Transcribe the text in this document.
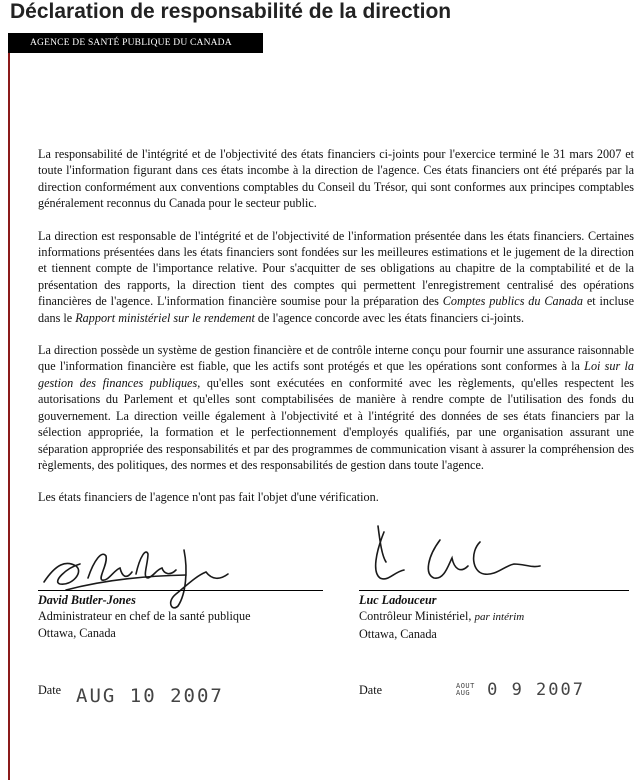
Déclaration de responsabilité de la direction
AGENCE DE SANTÉ PUBLIQUE DU CANADA

La responsabilité de l'intégrité et de l'objectivité des états financiers ci-joints pour l'exercice terminé le 31 mars 2007 et toute l'information figurant dans ces états incombe à la direction de l'agence. Ces états financiers ont été préparés par la direction conformément aux conventions comptables du Conseil du Trésor, qui sont conformes aux principes comptables généralement reconnus du Canada pour le secteur public.

La direction est responsable de l'intégrité et de l'objectivité de l'information présentée dans les états financiers. Certaines informations présentées dans les états financiers sont fondées sur les meilleures estimations et le jugement de la direction et tiennent compte de l'importance relative. Pour s'acquitter de ses obligations au chapitre de la comptabilité et de la présentation des rapports, la direction tient des comptes qui permettent l'enregistrement centralisé des opérations financières de l'agence. L'information financière soumise pour la préparation des Comptes publics du Canada et incluse dans le Rapport ministériel sur le rendement de l'agence concorde avec les états financiers ci-joints.

La direction possède un système de gestion financière et de contrôle interne conçu pour fournir une assurance raisonnable que l'information financière est fiable, que les actifs sont protégés et que les opérations sont conformes à la Loi sur la gestion des finances publiques, qu'elles sont exécutées en conformité avec les règlements, qu'elles respectent les autorisations du Parlement et qu'elles sont comptabilisées de manière à rendre compte de l'utilisation des fonds du gouvernement. La direction veille également à l'objectivité et à l'intégrité des données de ses états financiers par la sélection appropriée, la formation et le perfectionnement d'employés qualifiés, par une organisation assurant une séparation appropriée des responsabilités et par des programmes de communication visant à assurer la compréhension des règlements, des politiques, des normes et des responsabilités de gestion dans toute l'agence.

Les états financiers de l'agence n'ont pas fait l'objet d'une vérification.

David Butler-Jones
Administrateur en chef de la santé publique
Ottawa, Canada
Luc Ladouceur
Contrôleur Ministériel, par intérim
Ottawa, Canada
Date AUG 10 2007	Date	AOUT
AUG 0 9 2007
